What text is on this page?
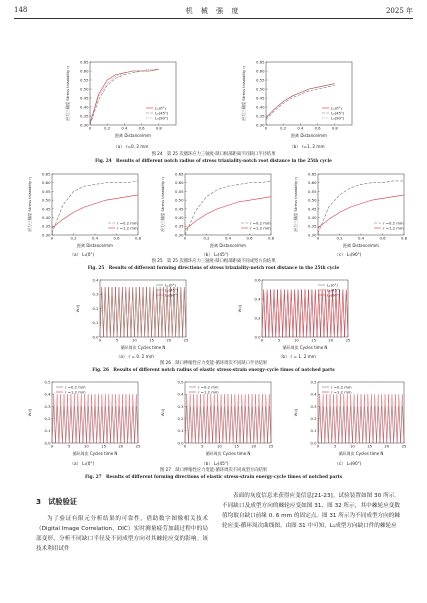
148	机 械 强 度	2025 年
0.30
0.35
0.40
0.45
0.50
0.55
0.60
0.65
0	0.2	0.4	0.6	0.8
距离 Distance/mm
应力三轴度 Stress triaxiality η	L₁(0°)
L₂(45°)
L₃(90°)
0.30
0.35
0.40
0.45
0.50
0.55
0.60
0.65
0	0.2	0.4	0.6	0.8
距离 Distance/mm
应力三轴度 Stress triaxiality η	L₁(0°)
L₂(45°)
L₃(90°)
（a） r=0. 2 mm	（b） r=1. 2 mm
图 24　第 25 次循环应力三轴度-缺口根部距离不同缺口半径结果
Fig. 24　Results of different notch radius of stress triaxiality-notch root distance in the 25th cycle
0.30
0.35
0.40
0.45
0.50
0.55
0.60
0.65
0	0.2	0.4	0.6	0.8
距离 Distance/mm
应力三轴度 Stress triaxiality η	r =0.2 mm
r =1.2 mm
0.30
0.35
0.40
0.45
0.50
0.55
0.60
0.65
0	0.2	0.4	0.6	0.8
距离 Distance/mm
应力三轴度 Stress triaxiality η	r =0.2 mm
r =1.2 mm
0.30
0.35
0.40
0.45
0.50
0.55
0.60
0.65
0	0.2	0.4	0.6	0.8
距离 Distance/mm
应力三轴度 Stress triaxiality η	r =0.2 mm
r =1.2 mm
（a） L₁(0°)	（b） L₂(45°)	（c） L₃(90°)
图 25　第 25 次循环应力三轴度-缺口根部距离不同成型方向结果
Fig. 25　Results of different forming directions of stress triaxiality-notch root distance in the 25th cycle
0.0
0.1
0.2
0.3
0.4
0	5	10	15	20	25
循环周次 Cycles time N
W₂/J
L₁(0°)
L₂(45°)
L₃(90°)
0.0
0.2
0.4
0.6
0	5	10	15	20	25
循环周次 Cycles time N
W₂/J
L₁(0°)
L₂(45°)
L₃(90°)
（a） r = 0. 2 mm	（b） r = 1. 2 mm
图 26　缺口伸缩性应力变能-循环周次不同缺口半径结果
Fig. 26　Results of different notch radius of elastic stress-strain energy-cycle times of notched parts
0.0
0.1
0.2
0.3
0.4
0.5
0	5	10	15	20	25
循环周次 Cycles time N
W₂/J
r =0.2 mm
r =1.2 mm
0.0
0.1
0.2
0.3
0.4
0.5
0	5	10	15	20	25
循环周次 Cycles time N
W₂/J
r =0.2 mm
r =1.2 mm
0.0
0.1
0.2
0.3
0.4
0.5
0	5	10	15	20	25
循环周次 Cycles time N
W₂/J
r =0.2 mm
r =1.2 mm
（a） L₁(0°)	（b） L₂(45°)	（c） L₃(90°)
图 27　缺口伸缩性应力变能-循环周次不同成型方向结果
Fig. 27　Results of different forming directions of elastic stress-strain energy-cycle times of notched parts
3　试验验证
为了验证有限元分析结果的可靠性，借助数字图像相关技术（Digital Image Correlation，DIC）实时测量疲劳加载过程中的局部变形，分析不同缺口半径及不同成型方向对其棘轮应变的影响。该技术利用试件
表面的灰度信息来获得应变信息[21-23]。试验装置如图 30 所示。不同缺口及成型方向的棘轮应变如图 31、图 32 所示，其中棘轮应变数值均取自缺口前缘 0. 6 mm 的固定点。图 31 所示为不同成型方向的棘轮应变-循环周次曲线图。由图 31 中可知，L₁成型方向缺口件的棘轮应
